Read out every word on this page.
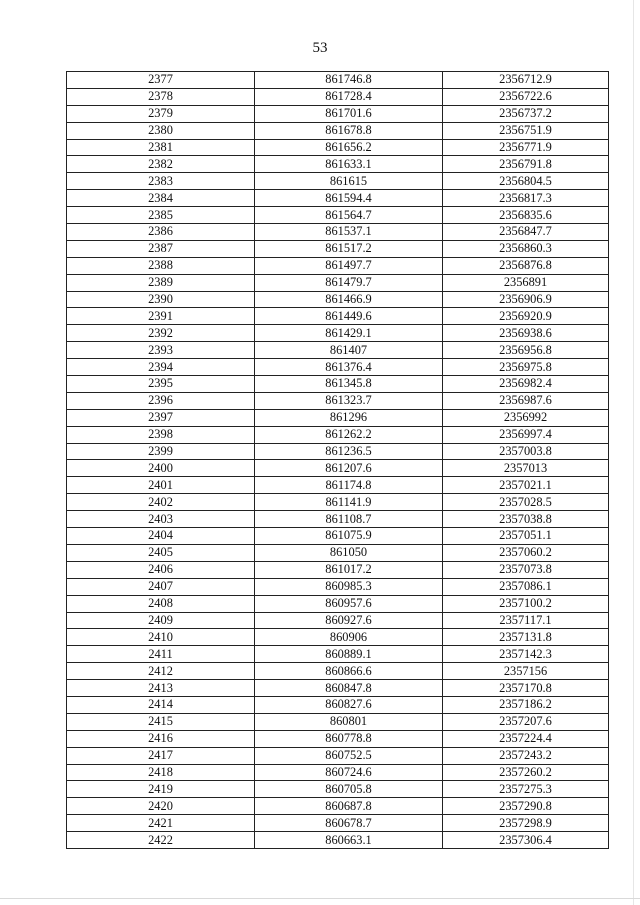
53
2377	861746.8	2356712.9
2378	861728.4	2356722.6
2379	861701.6	2356737.2
2380	861678.8	2356751.9
2381	861656.2	2356771.9
2382	861633.1	2356791.8
2383	861615	2356804.5
2384	861594.4	2356817.3
2385	861564.7	2356835.6
2386	861537.1	2356847.7
2387	861517.2	2356860.3
2388	861497.7	2356876.8
2389	861479.7	2356891
2390	861466.9	2356906.9
2391	861449.6	2356920.9
2392	861429.1	2356938.6
2393	861407	2356956.8
2394	861376.4	2356975.8
2395	861345.8	2356982.4
2396	861323.7	2356987.6
2397	861296	2356992
2398	861262.2	2356997.4
2399	861236.5	2357003.8
2400	861207.6	2357013
2401	861174.8	2357021.1
2402	861141.9	2357028.5
2403	861108.7	2357038.8
2404	861075.9	2357051.1
2405	861050	2357060.2
2406	861017.2	2357073.8
2407	860985.3	2357086.1
2408	860957.6	2357100.2
2409	860927.6	2357117.1
2410	860906	2357131.8
2411	860889.1	2357142.3
2412	860866.6	2357156
2413	860847.8	2357170.8
2414	860827.6	2357186.2
2415	860801	2357207.6
2416	860778.8	2357224.4
2417	860752.5	2357243.2
2418	860724.6	2357260.2
2419	860705.8	2357275.3
2420	860687.8	2357290.8
2421	860678.7	2357298.9
2422	860663.1	2357306.4
